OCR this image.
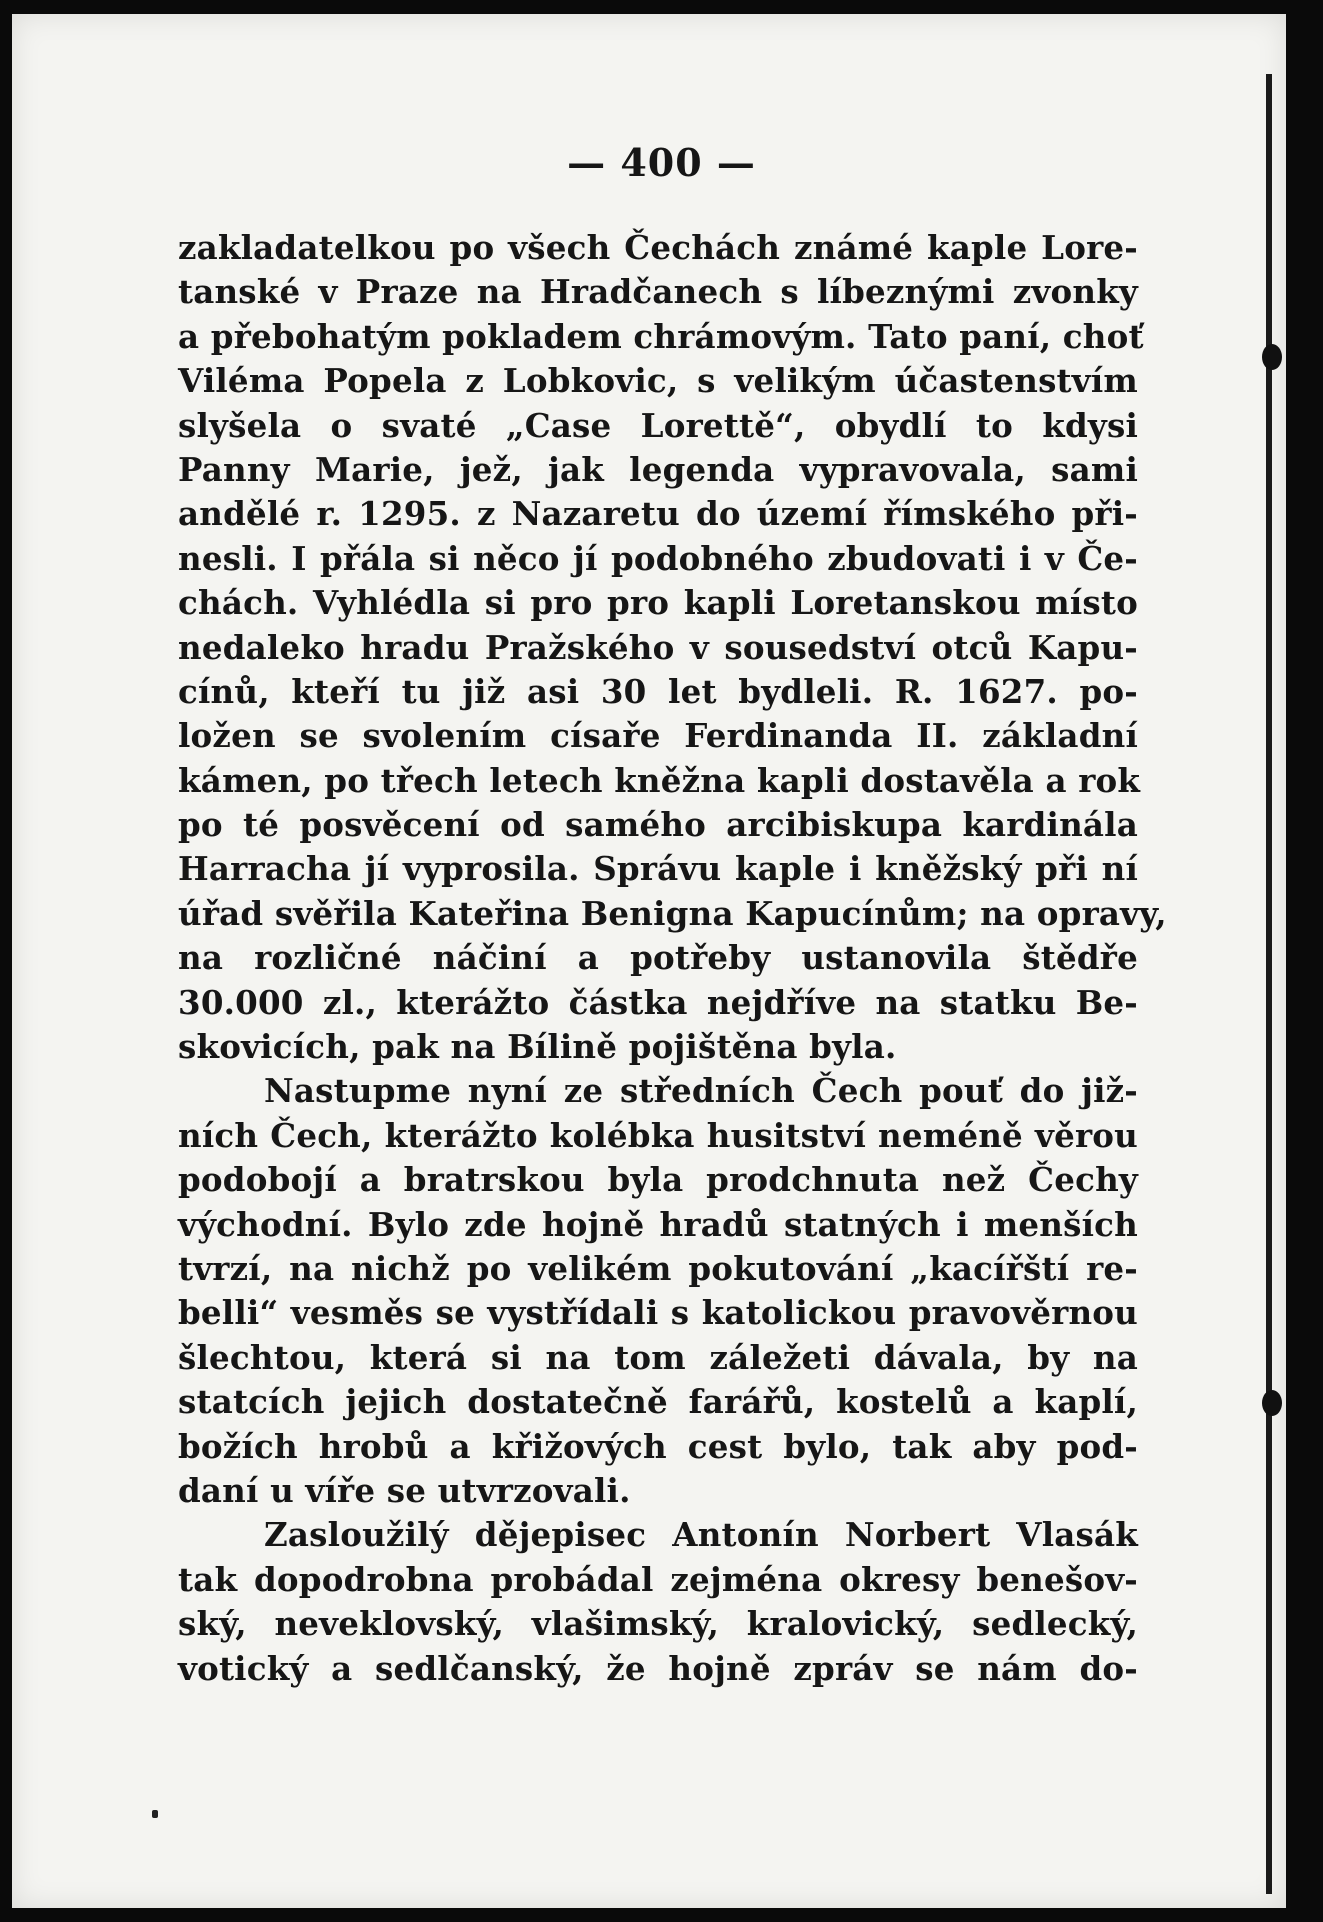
— 400 —
zakladatelkou po všech Čechách známé kaple Lore-
tanské v Praze na Hradčanech s líbeznými zvonky
a přebohatým pokladem chrámovým. Tato paní, choť
Viléma Popela z Lobkovic, s velikým účastenstvím
slyšela o svaté „Case Lorettě“, obydlí to kdysi
Panny Marie, jež, jak legenda vypravovala, sami
andělé r. 1295. z Nazaretu do území římského při-
nesli. I přála si něco jí podobného zbudovati i v Če-
chách. Vyhlédla si pro pro kapli Loretanskou místo
nedaleko hradu Pražského v sousedství otců Kapu-
cínů, kteří tu již asi 30 let bydleli. R. 1627. po-
ložen se svolením císaře Ferdinanda II. základní
kámen, po třech letech kněžna kapli dostavěla a rok
po té posvěcení od samého arcibiskupa kardinála
Harracha jí vyprosila. Správu kaple i kněžský při ní
úřad svěřila Kateřina Benigna Kapucínům; na opravy,
na rozličné náčiní a potřeby ustanovila štědře
30.000 zl., kterážto částka nejdříve na statku Be-
skovicích, pak na Bílině pojištěna byla.
Nastupme nyní ze středních Čech pouť do již-
ních Čech, kterážto kolébka husitství neméně věrou
podobojí a bratrskou byla prodchnuta než Čechy
východní. Bylo zde hojně hradů statných i menších
tvrzí, na nichž po velikém pokutování „kacířští re-
belli“ vesměs se vystřídali s katolickou pravověrnou
šlechtou, která si na tom záležeti dávala, by na
statcích jejich dostatečně farářů, kostelů a kaplí,
božích hrobů a křižových cest bylo, tak aby pod-
daní u víře se utvrzovali.
Zasloužilý dějepisec Antonín Norbert Vlasák
tak dopodrobna probádal zejména okresy benešov-
ský, neveklovský, vlašimský, kralovický, sedlecký,
votický a sedlčanský, že hojně zpráv se nám do-
